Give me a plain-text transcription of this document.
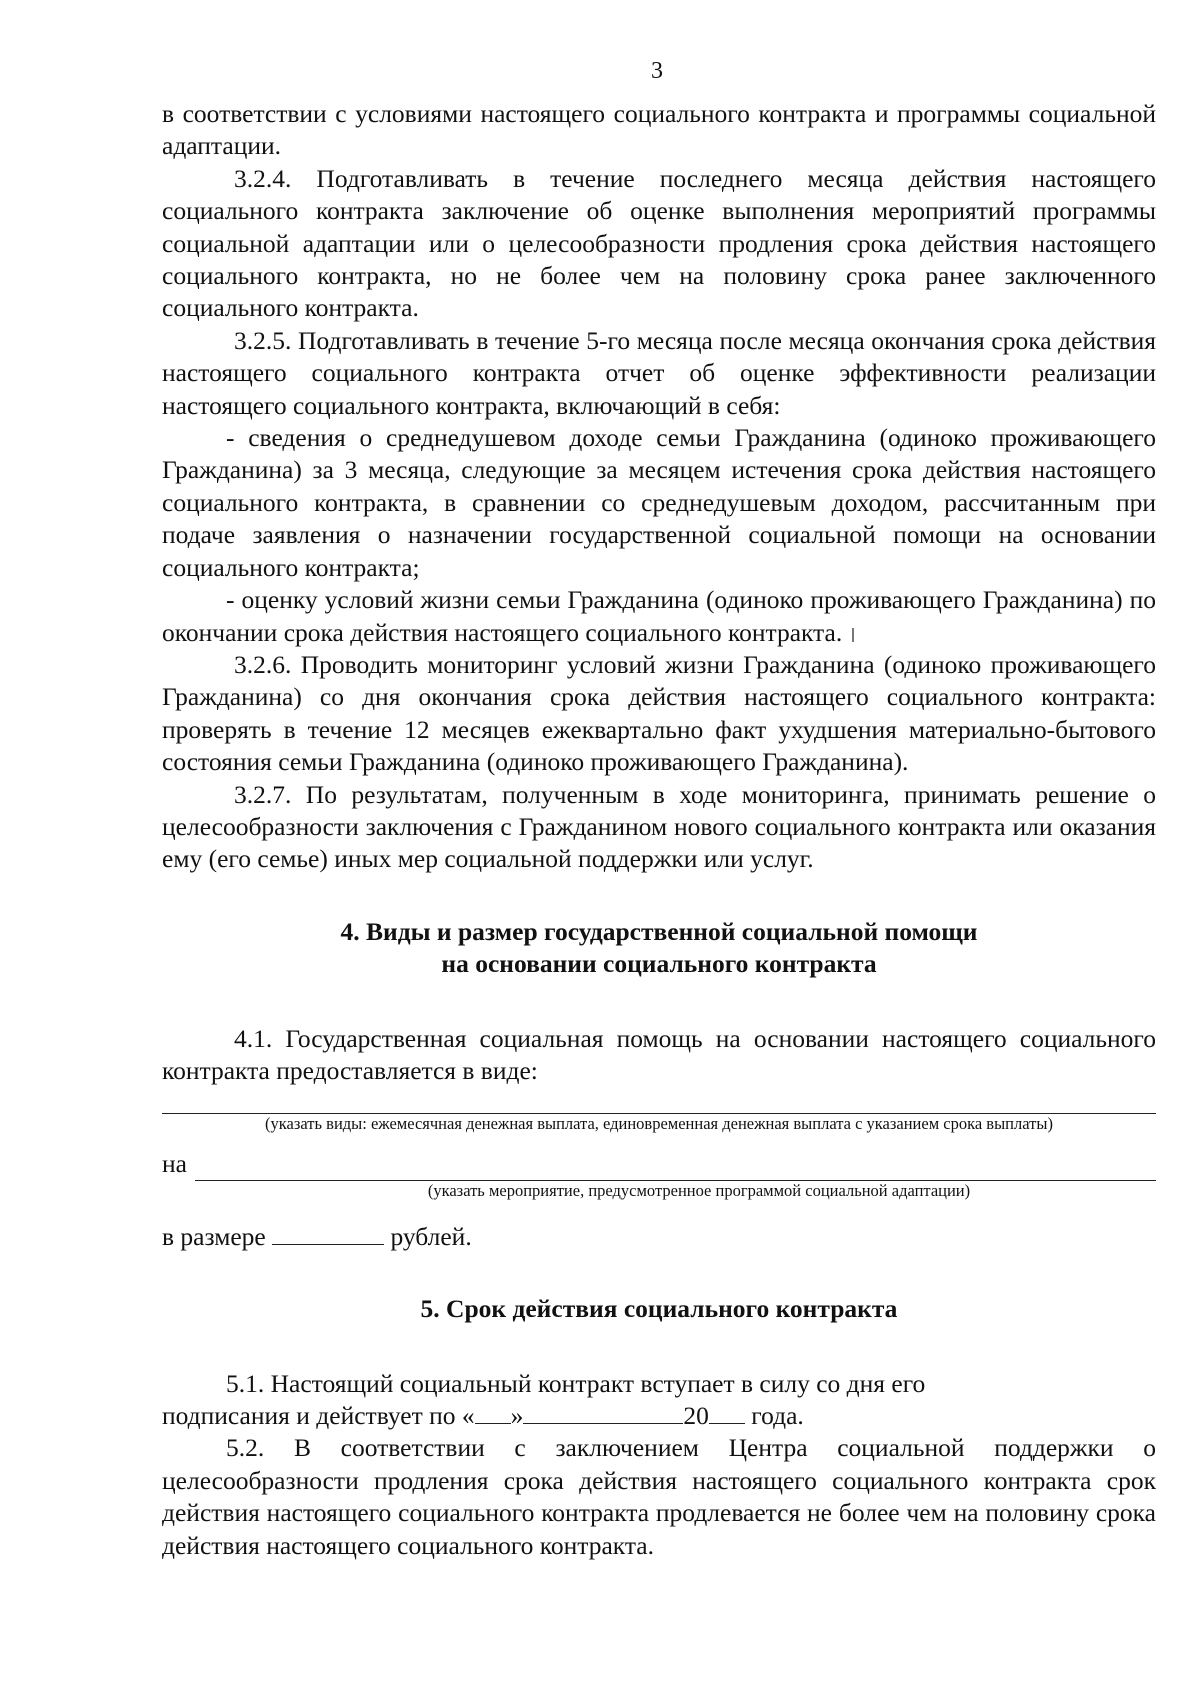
3

в соответствии с условиями настоящего социального контракта и программы социальной адаптации.

3.2.4. Подготавливать в течение последнего месяца действия настоящего социального контракта заключение об оценке выполнения мероприятий программы социальной адаптации или о целесообразности продления срока действия настоящего социального контракта, но не более чем на половину срока ранее заключенного социального контракта.

3.2.5. Подготавливать в течение 5-го месяца после месяца окончания срока действия настоящего социального контракта отчет об оценке эффективности реализации настоящего социального контракта, включающий в себя:

- сведения о среднедушевом доходе семьи Гражданина (одиноко проживающего Гражданина) за 3 месяца, следующие за месяцем истечения срока действия настоящего социального контракта, в сравнении со среднедушевым доходом, рассчитанным при подаче заявления о назначении государственной социальной помощи на основании социального контракта;

- оценку условий жизни семьи Гражданина (одиноко проживающего Гражданина) по окончании срока действия настоящего социального контракта.

3.2.6. Проводить мониторинг условий жизни Гражданина (одиноко проживающего Гражданина) со дня окончания срока действия настоящего социального контракта: проверять в течение 12 месяцев ежеквартально факт ухудшения материально-бытового состояния семьи Гражданина (одиноко проживающего Гражданина).

3.2.7. По результатам, полученным в ходе мониторинга, принимать решение о целесообразности заключения с Гражданином нового социального контракта или оказания ему (его семье) иных мер социальной поддержки или услуг.

4. Виды и размер государственной социальной помощи
на основании социального контракта

4.1. Государственная социальная помощь на основании настоящего социального контракта предоставляется в виде:

(указать виды: ежемесячная денежная выплата, единовременная денежная выплата с указанием срока выплаты)
на
(указать мероприятие, предусмотренное программой социальной адаптации)

в размере	рублей.

5. Срок действия социального контракта

5.1. Настоящий социальный контракт вступает в силу со дня его
подписания и действует по « »	20 года.

5.2. В соответствии с заключением Центра социальной поддержки о целесообразности продления срока действия настоящего социального контракта срок действия настоящего социального контракта продлевается не более чем на половину срока действия настоящего социального контракта.
